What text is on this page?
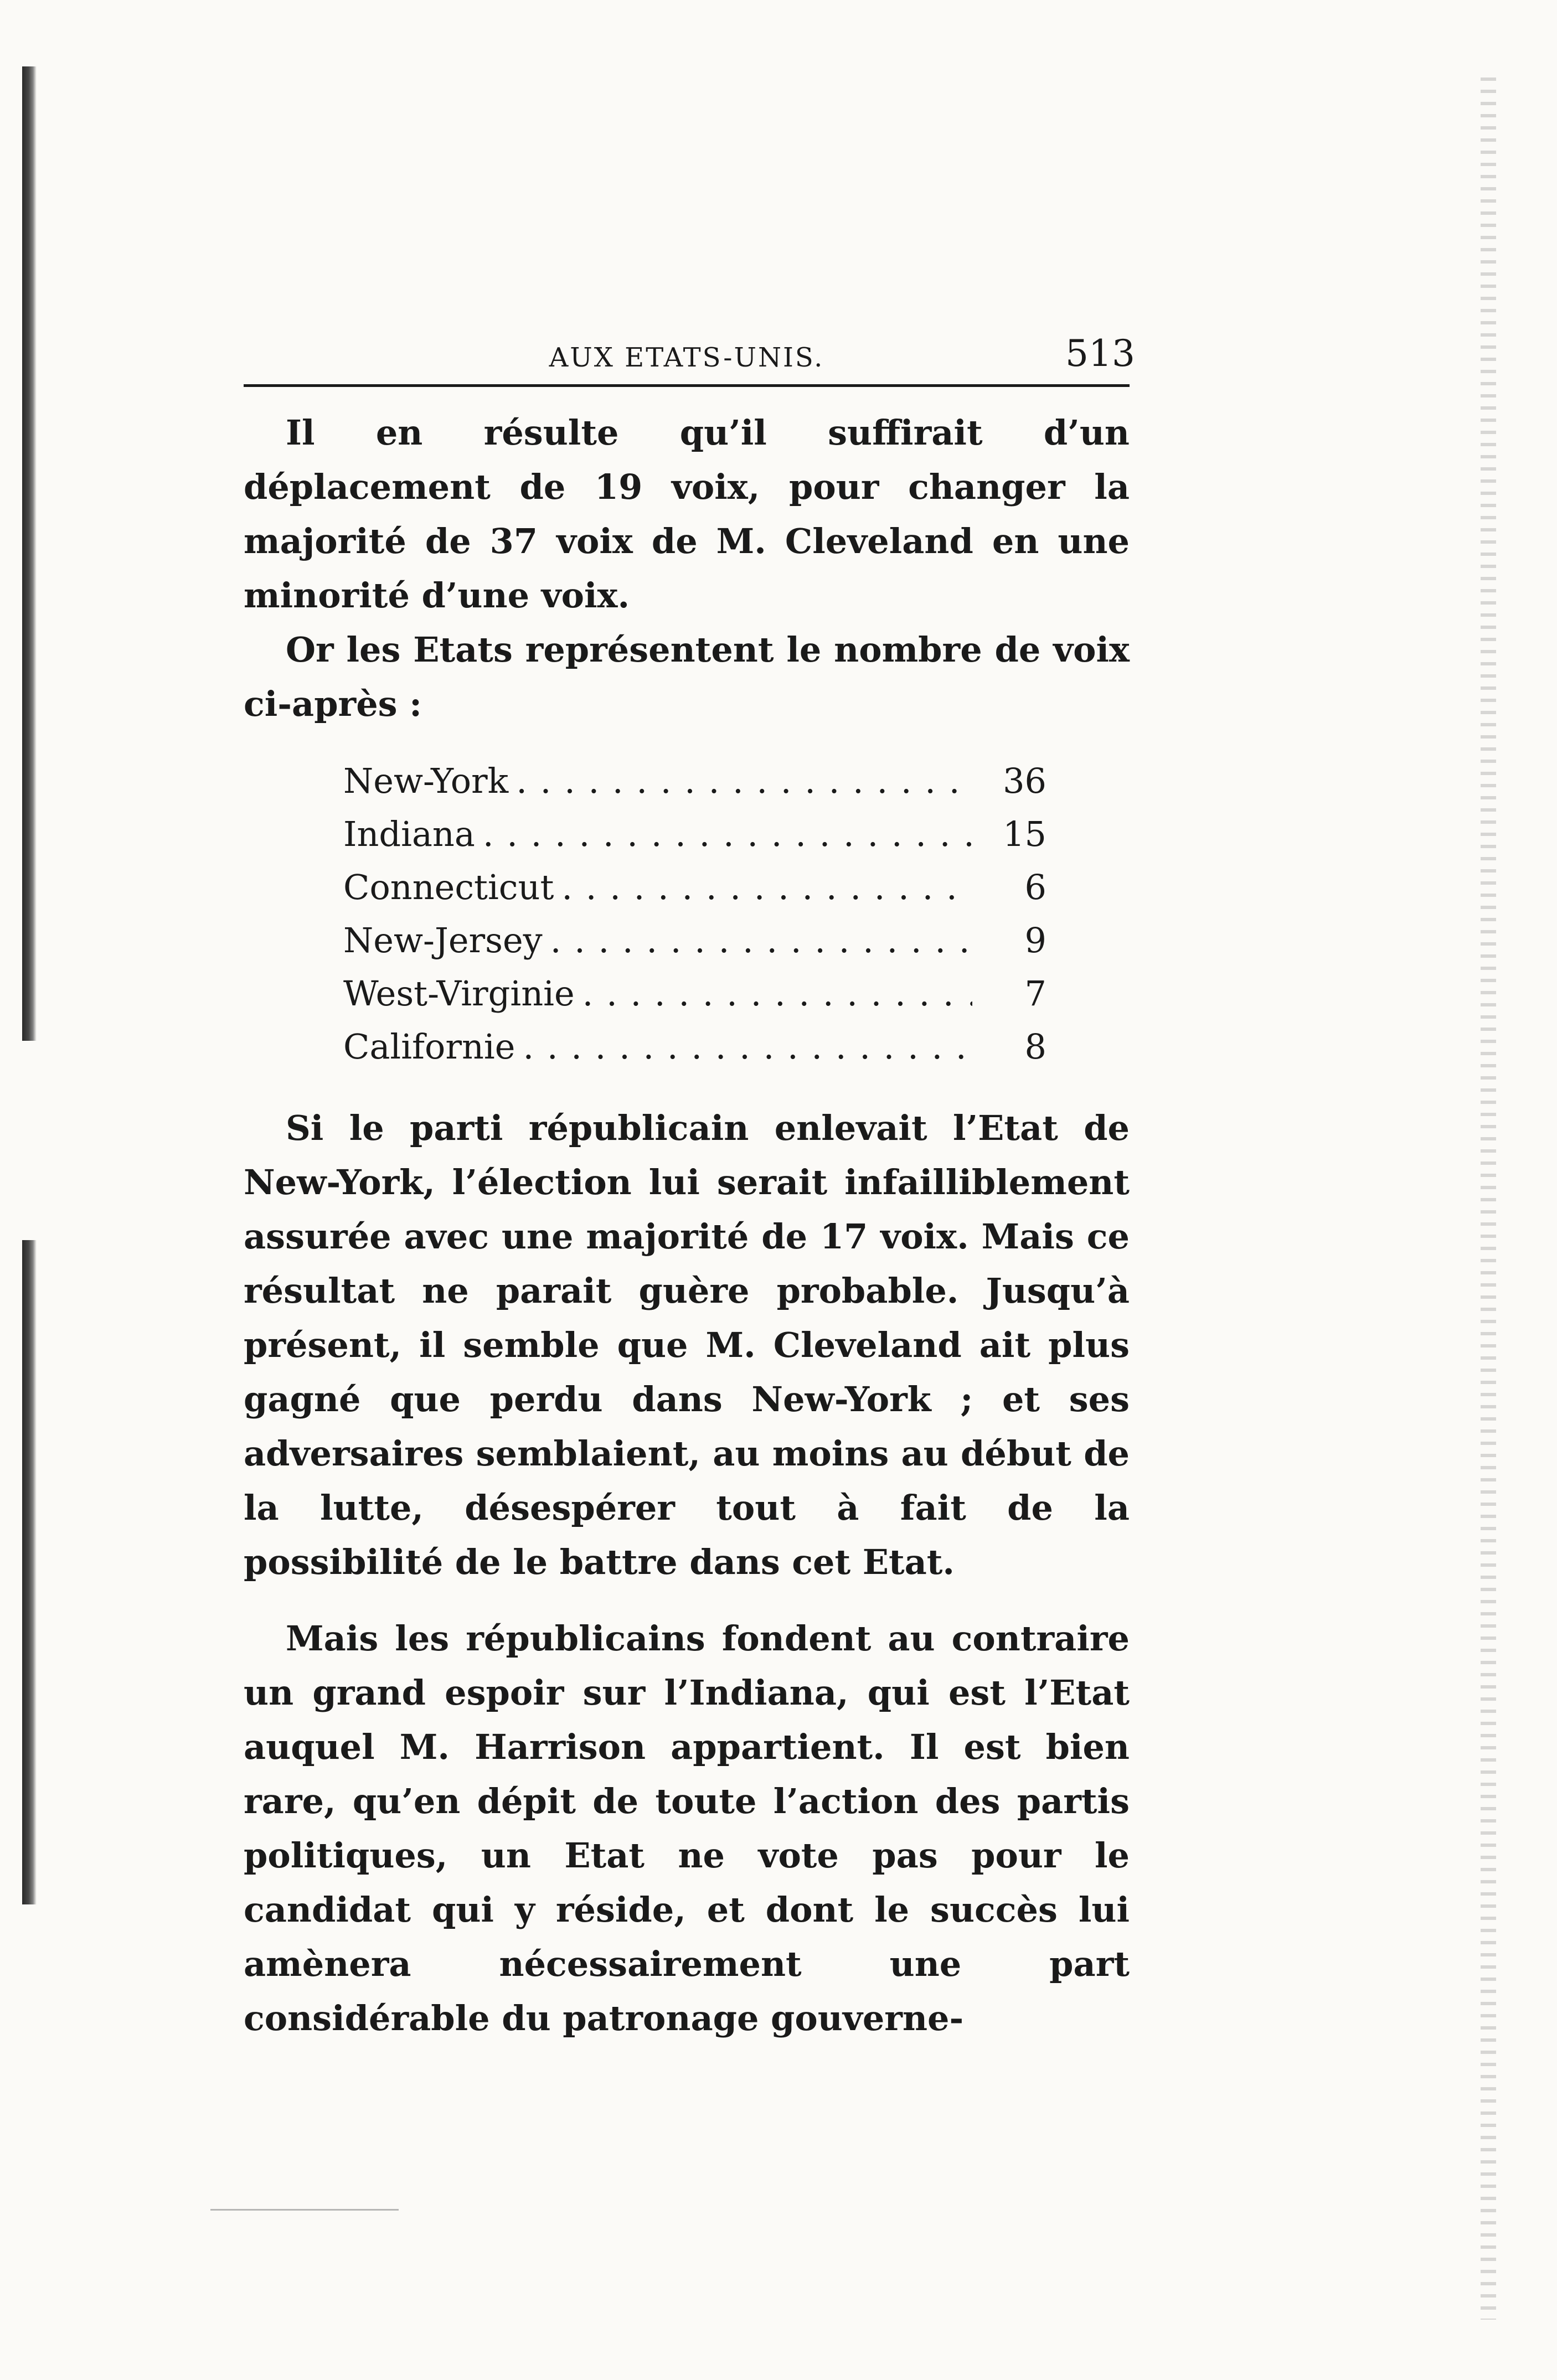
AUX ETATS-UNIS.	513

Il en résulte qu’il suffirait d’un déplacement de 19 voix, pour changer la majorité de 37 voix de M. Cleveland en une minorité d’une voix.

Or les Etats représentent le nombre de voix ci-après :

New-York . . .	36
Indiana . . .	15
Connecticut . . .	6
New-Jersey . . .	9
West-Virginie . . .	7
Californie . . .	8

Si le parti républicain enlevait l’Etat de New-York, l’élection lui serait infailliblement assurée avec une majorité de 17 voix. Mais ce résultat ne parait guère probable. Jusqu’à présent, il semble que M. Cleveland ait plus gagné que perdu dans New-York ; et ses adversaires semblaient, au moins au début de la lutte, désespérer tout à fait de la possibilité de le battre dans cet Etat.

Mais les républicains fondent au contraire un grand espoir sur l’Indiana, qui est l’Etat auquel M. Harrison appartient. Il est bien rare, qu’en dépit de toute l’action des partis politiques, un Etat ne vote pas pour le candidat qui y réside, et dont le succès lui amènera nécessairement une part considérable du patronage gouverne-
